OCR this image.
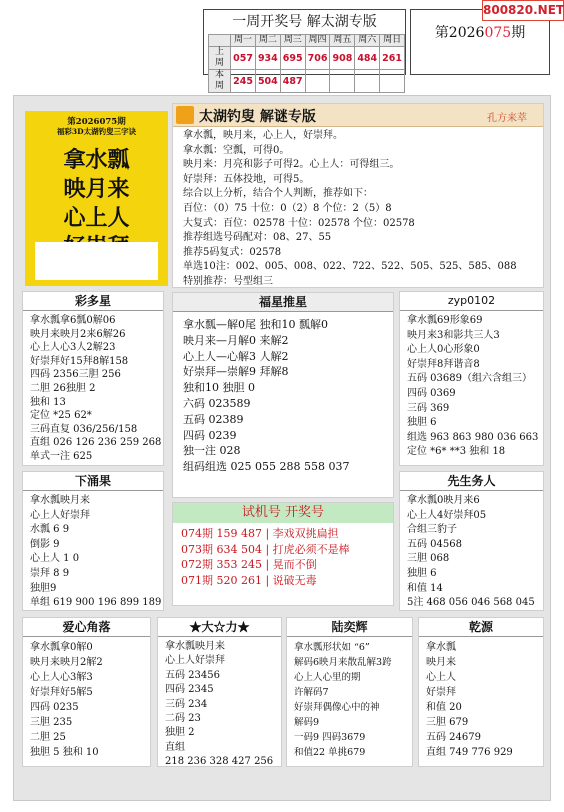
一周开奖号 解太湖专版
	周一	周二	周三	周四	周五	周六	周日
上周	057	934	695	706	908	484	261
本周	245	504	487				
第2026075期
800820.NET
第2026075期
福彩3D太湖钓叟三字诀
拿水瓢
映月来
心上人
太湖钓叟 解谜专版	孔方来萃
拿水瓢，映月来，心上人，好崇拜。
拿水瓢：空瓢，可得0。
映月来：月亮和影子可得2。心上人：可得组三。
好崇拜：五体投地，可得5。
综合以上分析，结合个人判断，推荐如下：
百位：（0）75 十位：0（2）8 个位：2（5）8
大复式：百位：02578 十位：02578 个位：02578
推荐组选号码配对：08、27、55
推荐5码复式：02578
单选10注：002、005、008、022、722、522、505、525、585、088
特别推荐：号型组三
彩多星
拿水瓢拿6瓢0解06
映月来映月2来6解26
心上人心3人2解23
好崇拜好15拜8解158
四码 2356三胆 256
二胆 26独胆 2
独和 13
定位 *25 62*
三码直复 036/256/158
直组 026 126 236 259 268
单式一注 625
福星推星
拿水瓢—解0尾 独和10 瓢解0
映月来—月解0 来解2
心上人—心解3 人解2
好崇拜—崇解9 拜解8
独和10 独胆 0
六码 023589
五码 02389
四码 0239
独一注 028
组码组选 025 055 288 558 037
zyp0102
拿水瓢69形象69
映月来3和影共三人3
心上人0心形象0
好崇拜8拜谐音8
五码 03689（组六含组三）
四码 0369
三码 369
独胆 6
组选 963 863 980 036 663
定位 *6* **3 独和 18
下涌果
拿水瓢映月来
心上人好崇拜
水瓢 6 9
倒影 9
心上人 1 0
崇拜 8 9
独胆9
单组 619 900 196 899 189
试机号 开奖号
074期 159 487 | 李戏双挑扁担
073期 634 504 | 打虎必须不是棒
072期 353 245 | 晃而不倒
071期 520 261 | 说破无毒
先生务人
拿水瓢0映月来6
心上人4好崇拜05
合组三豹子
五码 04568
三胆 068
独胆 6
和值 14
5注 468 056 046 568 045
爱心角落
拿水瓢拿0解0
映月来映月2解2
心上人心3解3
好崇拜好5解5
四码 0235
三胆 235
二胆 25
独胆 5 独和 10
★大☆力★
拿水瓢映月来
心上人好崇拜
五码 23456
四码 2345
三码 234
二码 23
独胆 2
直组
218 236 328 427 256
陆奕辉
拿水瓢形状如 “6”
解码6映月来散乱解3跨
心上人心里的期
许解码7
好崇拜偶像心中的神
解码9
一码9 四码3679
和值22 单挑679
乾源
拿水瓢
映月来
心上人
好崇拜
和值 20
三胆 679
五码 24679
直组 749 776 929
